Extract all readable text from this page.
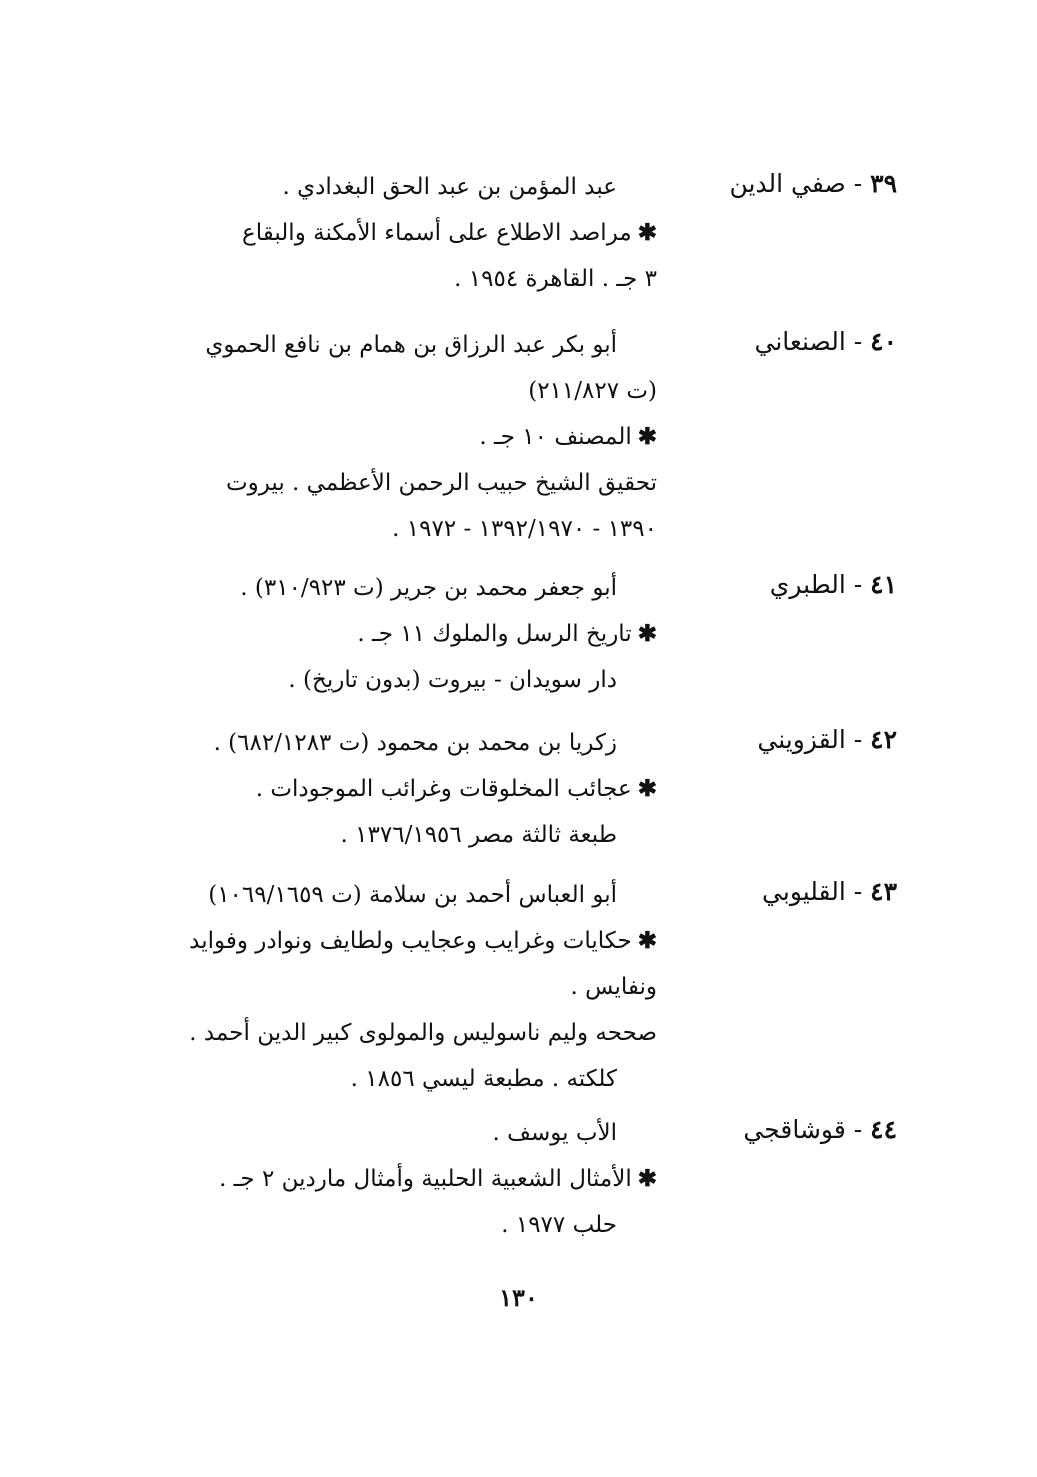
٣٩ - صفي الدين
عبد المؤمن بن عبد الحق البغدادي .
✱مراصد الاطلاع على أسماء الأمكنة والبقاع
٣ جـ . القاهرة ١٩٥٤ .
٤٠ - الصنعاني
أبو بكر عبد الرزاق بن همام بن نافع الحموي
(ت ٢١١/٨٢٧)
✱المصنف ١٠ جـ .
تحقيق الشيخ حبيب الرحمن الأعظمي . بيروت
١٣٩٠ - ١٣٩٢/١٩٧٠ - ١٩٧٢ .
٤١ - الطبري
أبو جعفر محمد بن جرير (ت ٣١٠/٩٢٣) .
✱تاريخ الرسل والملوك ١١ جـ .
دار سويدان - بيروت (بدون تاريخ) .
٤٢ - القزويني
زكريا بن محمد بن محمود (ت ٦٨٢/١٢٨٣) .
✱عجائب المخلوقات وغرائب الموجودات .
طبعة ثالثة مصر ١٣٧٦/١٩٥٦ .
٤٣ - القليوبي
أبو العباس أحمد بن سلامة (ت ١٠٦٩/١٦٥٩)
✱حكايات وغرايب وعجايب ولطايف ونوادر وفوايد
ونفايس .
صححه وليم ناسوليس والمولوى كبير الدين أحمد .
كلكته . مطبعة ليسي ١٨٥٦ .
٤٤ - قوشاقجي
الأب يوسف .
✱الأمثال الشعبية الحلبية وأمثال ماردين ٢ جـ .
حلب ١٩٧٧ .
١٣٠
